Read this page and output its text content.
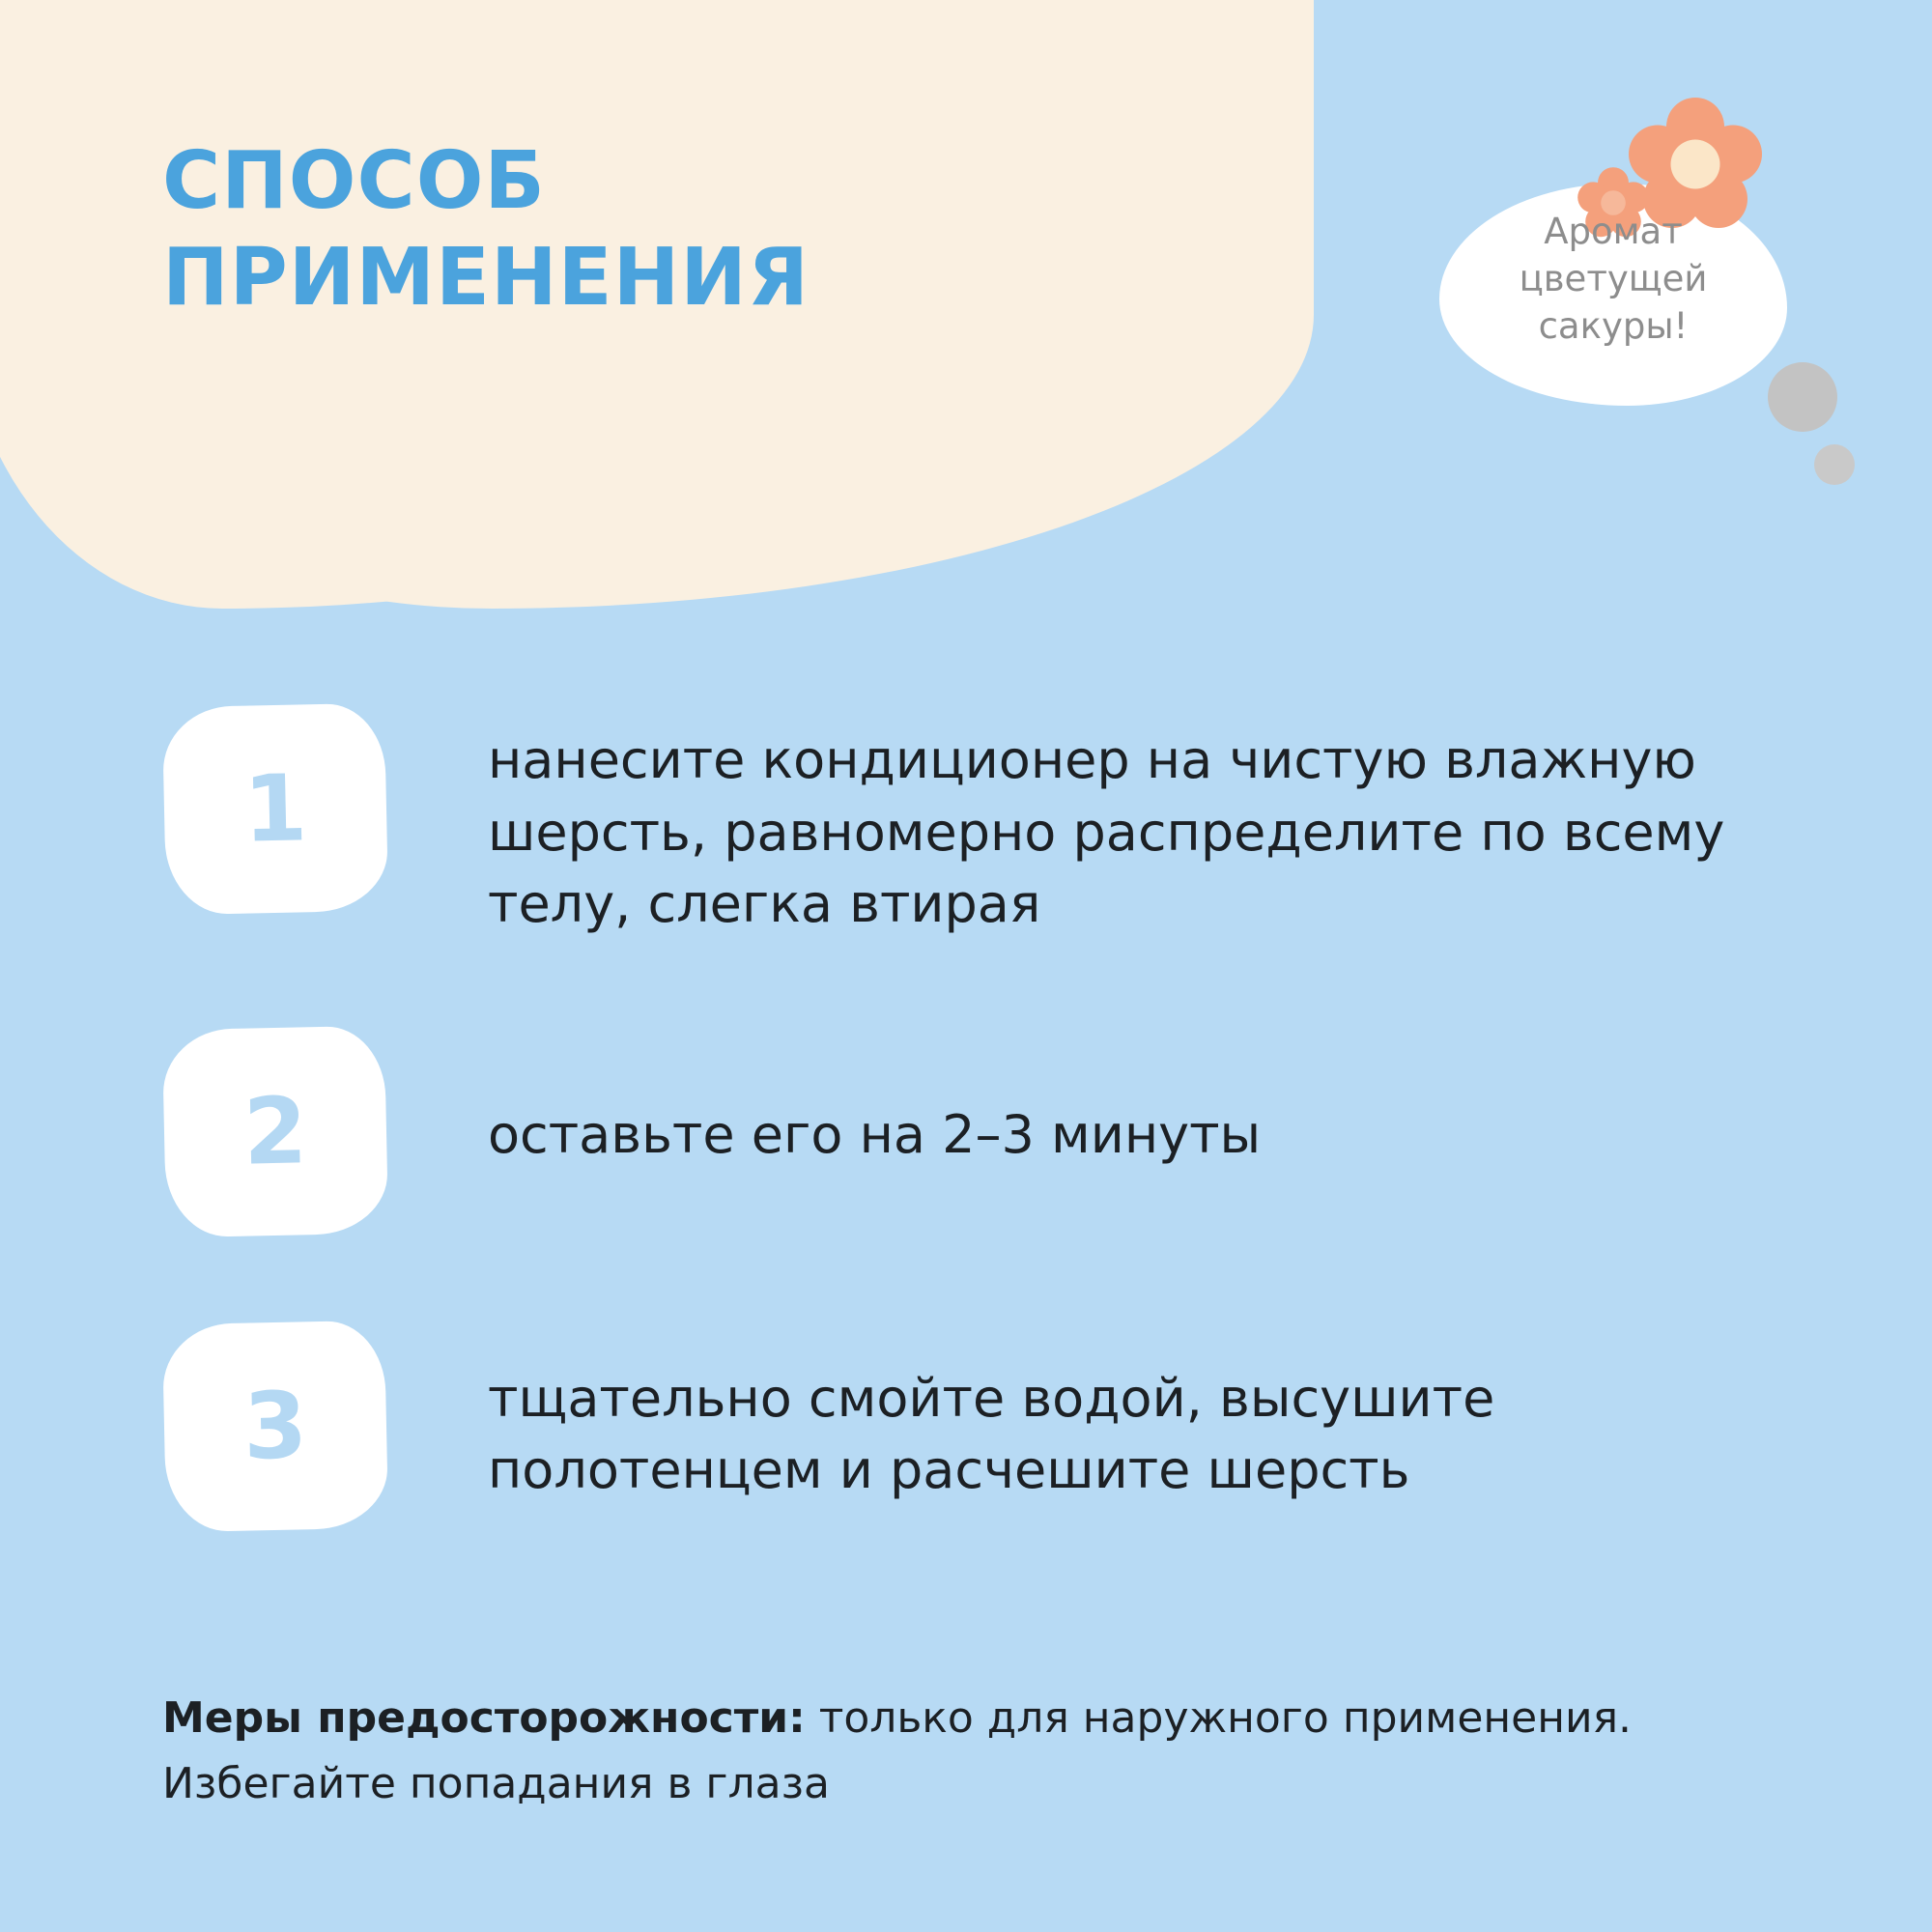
СПОСОБ
ПРИМЕНЕНИЯ
Аромат
цветущей
сакуры!
1	нанесите кондиционер на чистую влажную шерсть, равномерно распределите по всему телу, слегка втирая
2	оставьте его на 2–3 минуты
3	тщательно смойте водой, высушите полотенцем и расчешите шерсть
Меры предосторожности: только для наружного применения. Избегайте попадания в глаза
